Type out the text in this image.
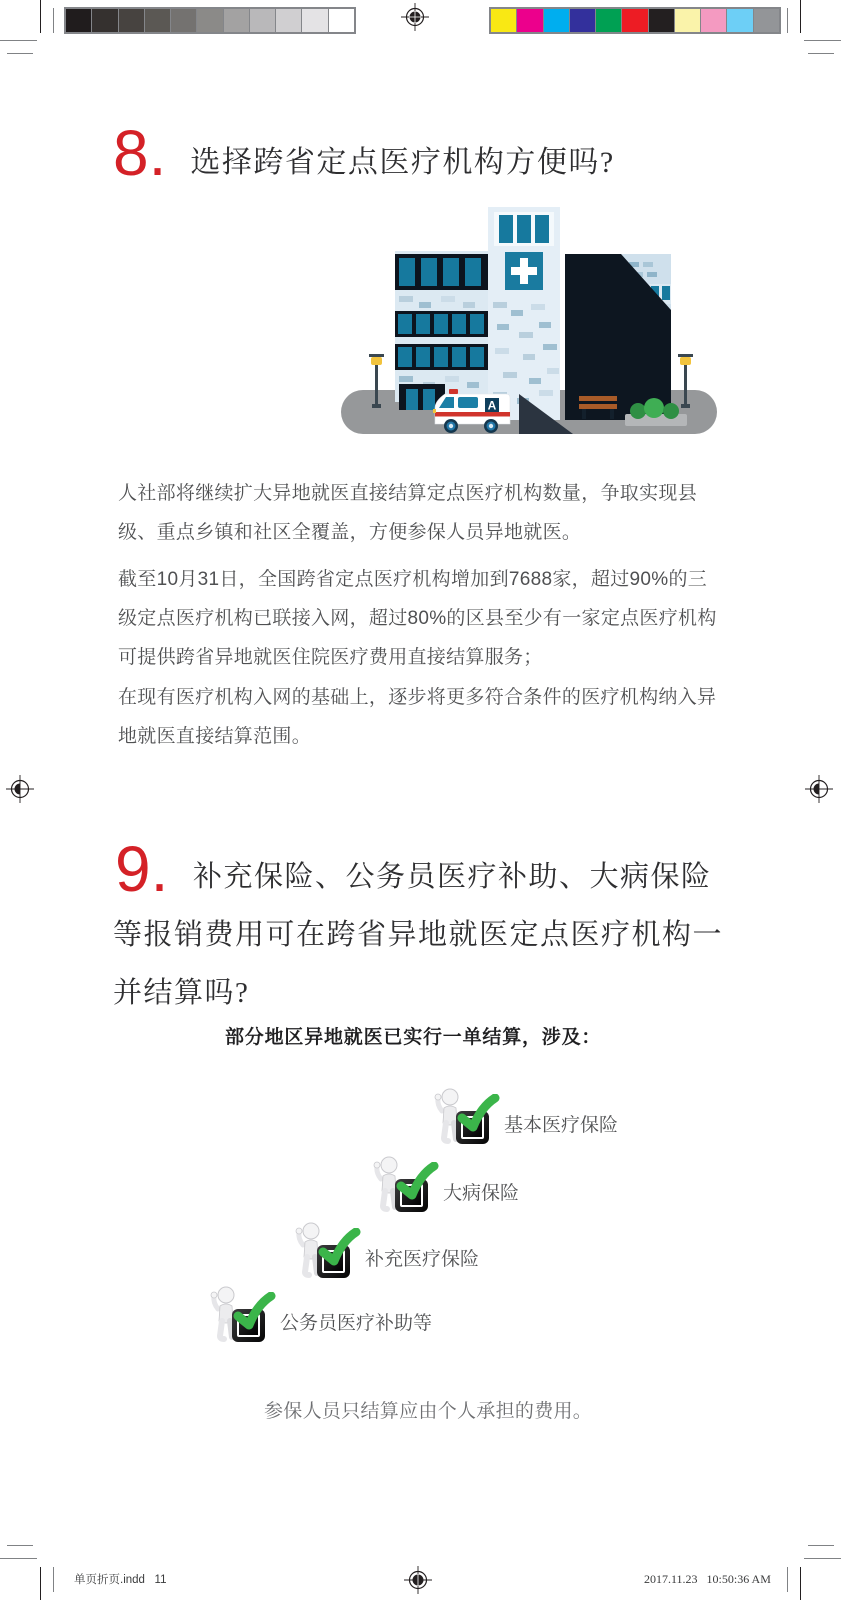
8. 选择跨省定点医疗机构方便吗?
A

人社部将继续扩大异地就医直接结算定点医疗机构数量，争取实现县级、重点乡镇和社区全覆盖，方便参保人员异地就医。

截至10月31日，全国跨省定点医疗机构增加到7688家，超过90%的三级定点医疗机构已联接入网，超过80%的区县至少有一家定点医疗机构可提供跨省异地就医住院医疗费用直接结算服务；

在现有医疗机构入网的基础上，逐步将更多符合条件的医疗机构纳入异地就医直接结算范围。

9. 补充保险、公务员医疗补助、大病保险等报销费用可在跨省异地就医定点医疗机构一并结算吗?

部分地区异地就医已实行一单结算，涉及：
基本医疗保险
大病保险
补充医疗保险
公务员医疗补助等
参保人员只结算应由个人承担的费用。
单页折页.indd   11	2017.11.23   10:50:36 AM
